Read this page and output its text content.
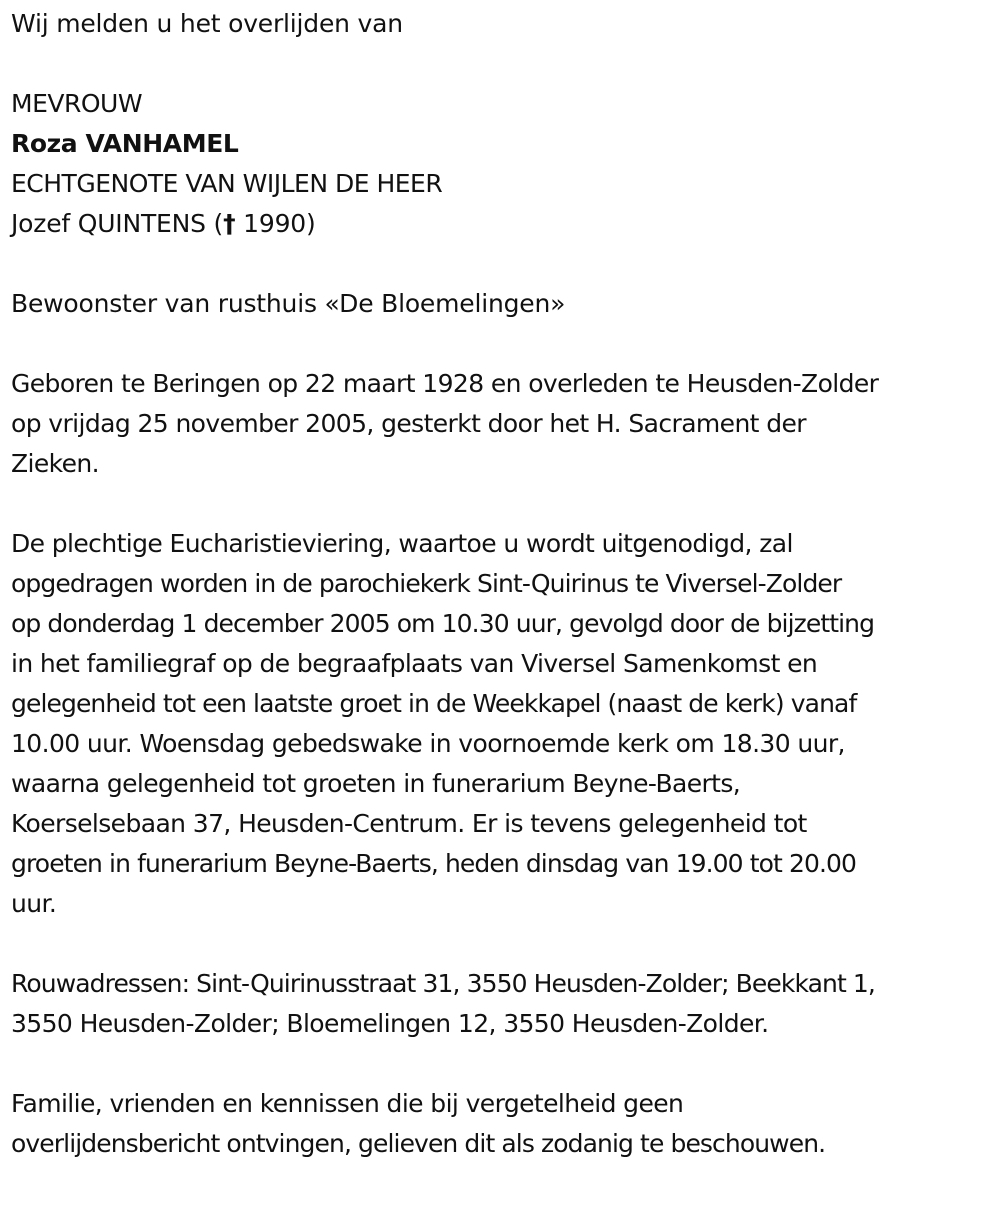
Wij melden u het overlijden van

MEVROUW

Roza VANHAMEL

ECHTGENOTE VAN WIJLEN DE HEER

Jozef QUINTENS († 1990)

Bewoonster van rusthuis «De Bloemelingen»

Geboren te Beringen op 22 maart 1928 en overleden te Heusden-Zolder

op vrijdag 25 november 2005, gesterkt door het H. Sacrament der

Zieken.

De plechtige Eucharistieviering, waartoe u wordt uitgenodigd, zal

opgedragen worden in de parochiekerk Sint-Quirinus te Viversel-Zolder

op donderdag 1 december 2005 om 10.30 uur, gevolgd door de bijzetting

in het familiegraf op de begraafplaats van Viversel Samenkomst en

gelegenheid tot een laatste groet in de Weekkapel (naast de kerk) vanaf

10.00 uur. Woensdag gebedswake in voornoemde kerk om 18.30 uur,

waarna gelegenheid tot groeten in funerarium Beyne-Baerts,

Koerselsebaan 37, Heusden-Centrum. Er is tevens gelegenheid tot

groeten in funerarium Beyne-Baerts, heden dinsdag van 19.00 tot 20.00

uur.

Rouwadressen: Sint-Quirinusstraat 31, 3550 Heusden-Zolder; Beekkant 1,

3550 Heusden-Zolder; Bloemelingen 12, 3550 Heusden-Zolder.

Familie, vrienden en kennissen die bij vergetelheid geen

overlijdensbericht ontvingen, gelieven dit als zodanig te beschouwen.
